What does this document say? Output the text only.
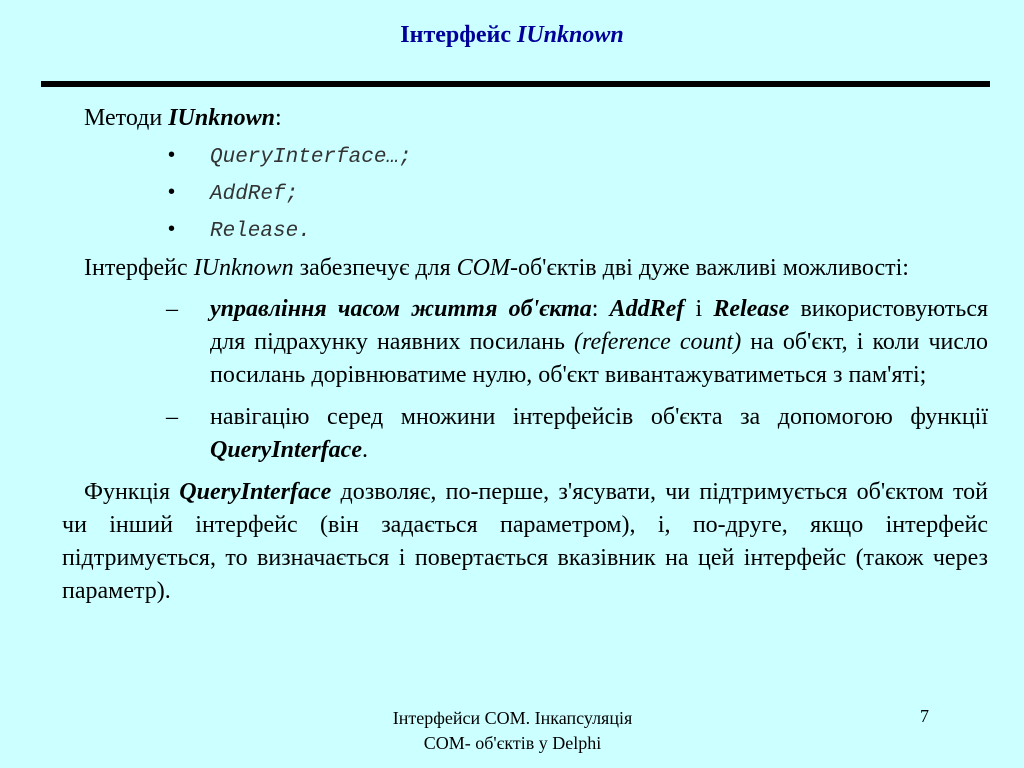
Інтерфейс IUnknown
Методи IUnknown:
• QueryInterface…;
• AddRef;
• Release.

Інтерфейс IUnknown забезпечує для COM-об'єктів дві дуже важливі можливості:

– управління часом життя об'єкта: AddRef і Release використовуються для підрахунку наявних посилань (reference count) на об'єкт, і коли число посилань дорівнюватиме нулю, об'єкт вивантажуватиметься з пам'яті;
– навігацію серед множини інтерфейсів об'єкта за допомогою функції QueryInterface.

Функція QueryInterface дозволяє, по-перше, з'ясувати, чи підтримується об'єктом той чи інший інтерфейс (він задається параметром), і, по-друге, якщо інтерфейс підтримується, то визначається і повертається вказівник на цей інтерфейс (також через параметр).

Інтерфейси СОМ. Інкапсуляція
СОМ- об'єктів у Delphi
7
